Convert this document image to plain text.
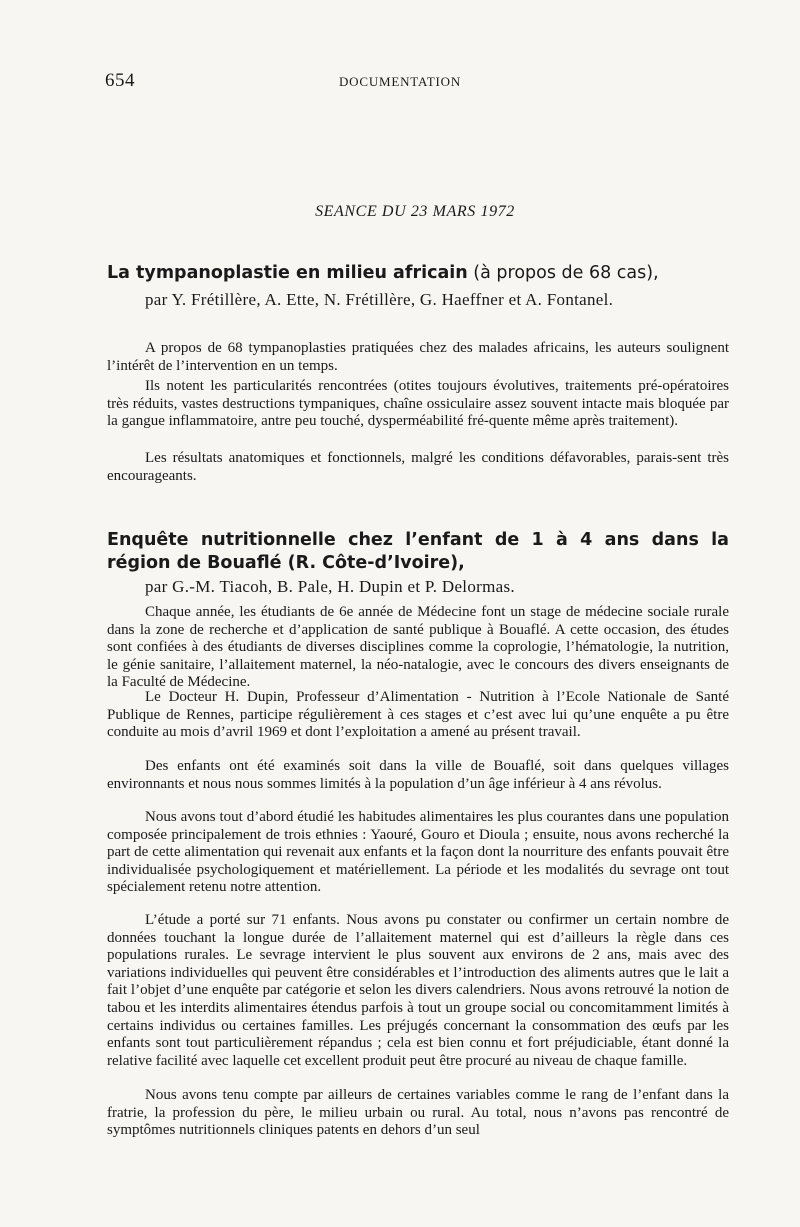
654	DOCUMENTATION
SEANCE DU 23 MARS 1972
La tympanoplastie en milieu africain (à propos de 68 cas),
par Y. Frétillère, A. Ette, N. Frétillère, G. Haeffner et A. Fontanel.

A propos de 68 tympanoplasties pratiquées chez des malades africains, les auteurs soulignent l’intérêt de l’intervention en un temps.

Ils notent les particularités rencontrées (otites toujours évolutives, traitements pré-opératoires très réduits, vastes destructions tympaniques, chaîne ossiculaire assez souvent intacte mais bloquée par la gangue inflammatoire, antre peu touché, dysperméabilité fré-quente même après traitement).

Les résultats anatomiques et fonctionnels, malgré les conditions défavorables, parais-sent très encourageants.

Enquête nutritionnelle chez l’enfant de 1 à 4 ans dans la région de Bouaflé (R. Côte-d’Ivoire),
par G.-M. Tiacoh, B. Pale, H. Dupin et P. Delormas.

Chaque année, les étudiants de 6e année de Médecine font un stage de médecine sociale rurale dans la zone de recherche et d’application de santé publique à Bouaflé. A cette occasion, des études sont confiées à des étudiants de diverses disciplines comme la coprologie, l’hématologie, la nutrition, le génie sanitaire, l’allaitement maternel, la néo-natalogie, avec le concours des divers enseignants de la Faculté de Médecine.

Le Docteur H. Dupin, Professeur d’Alimentation - Nutrition à l’Ecole Nationale de Santé Publique de Rennes, participe régulièrement à ces stages et c’est avec lui qu’une enquête a pu être conduite au mois d’avril 1969 et dont l’exploitation a amené au présent travail.

Des enfants ont été examinés soit dans la ville de Bouaflé, soit dans quelques villages environnants et nous nous sommes limités à la population d’un âge inférieur à 4 ans révolus.

Nous avons tout d’abord étudié les habitudes alimentaires les plus courantes dans une population composée principalement de trois ethnies : Yaouré, Gouro et Dioula ; ensuite, nous avons recherché la part de cette alimentation qui revenait aux enfants et la façon dont la nourriture des enfants pouvait être individualisée psychologiquement et matériellement. La période et les modalités du sevrage ont tout spécialement retenu notre attention.

L’étude a porté sur 71 enfants. Nous avons pu constater ou confirmer un certain nombre de données touchant la longue durée de l’allaitement maternel qui est d’ailleurs la règle dans ces populations rurales. Le sevrage intervient le plus souvent aux environs de 2 ans, mais avec des variations individuelles qui peuvent être considérables et l’introduction des aliments autres que le lait a fait l’objet d’une enquête par catégorie et selon les divers calendriers. Nous avons retrouvé la notion de tabou et les interdits alimentaires étendus parfois à tout un groupe social ou concomitamment limités à certains individus ou certaines familles. Les préjugés concernant la consommation des œufs par les enfants sont tout particulièrement répandus ; cela est bien connu et fort préjudiciable, étant donné la relative facilité avec laquelle cet excellent produit peut être procuré au niveau de chaque famille.

Nous avons tenu compte par ailleurs de certaines variables comme le rang de l’enfant dans la fratrie, la profession du père, le milieu urbain ou rural. Au total, nous n’avons pas rencontré de symptômes nutritionnels cliniques patents en dehors d’un seul
